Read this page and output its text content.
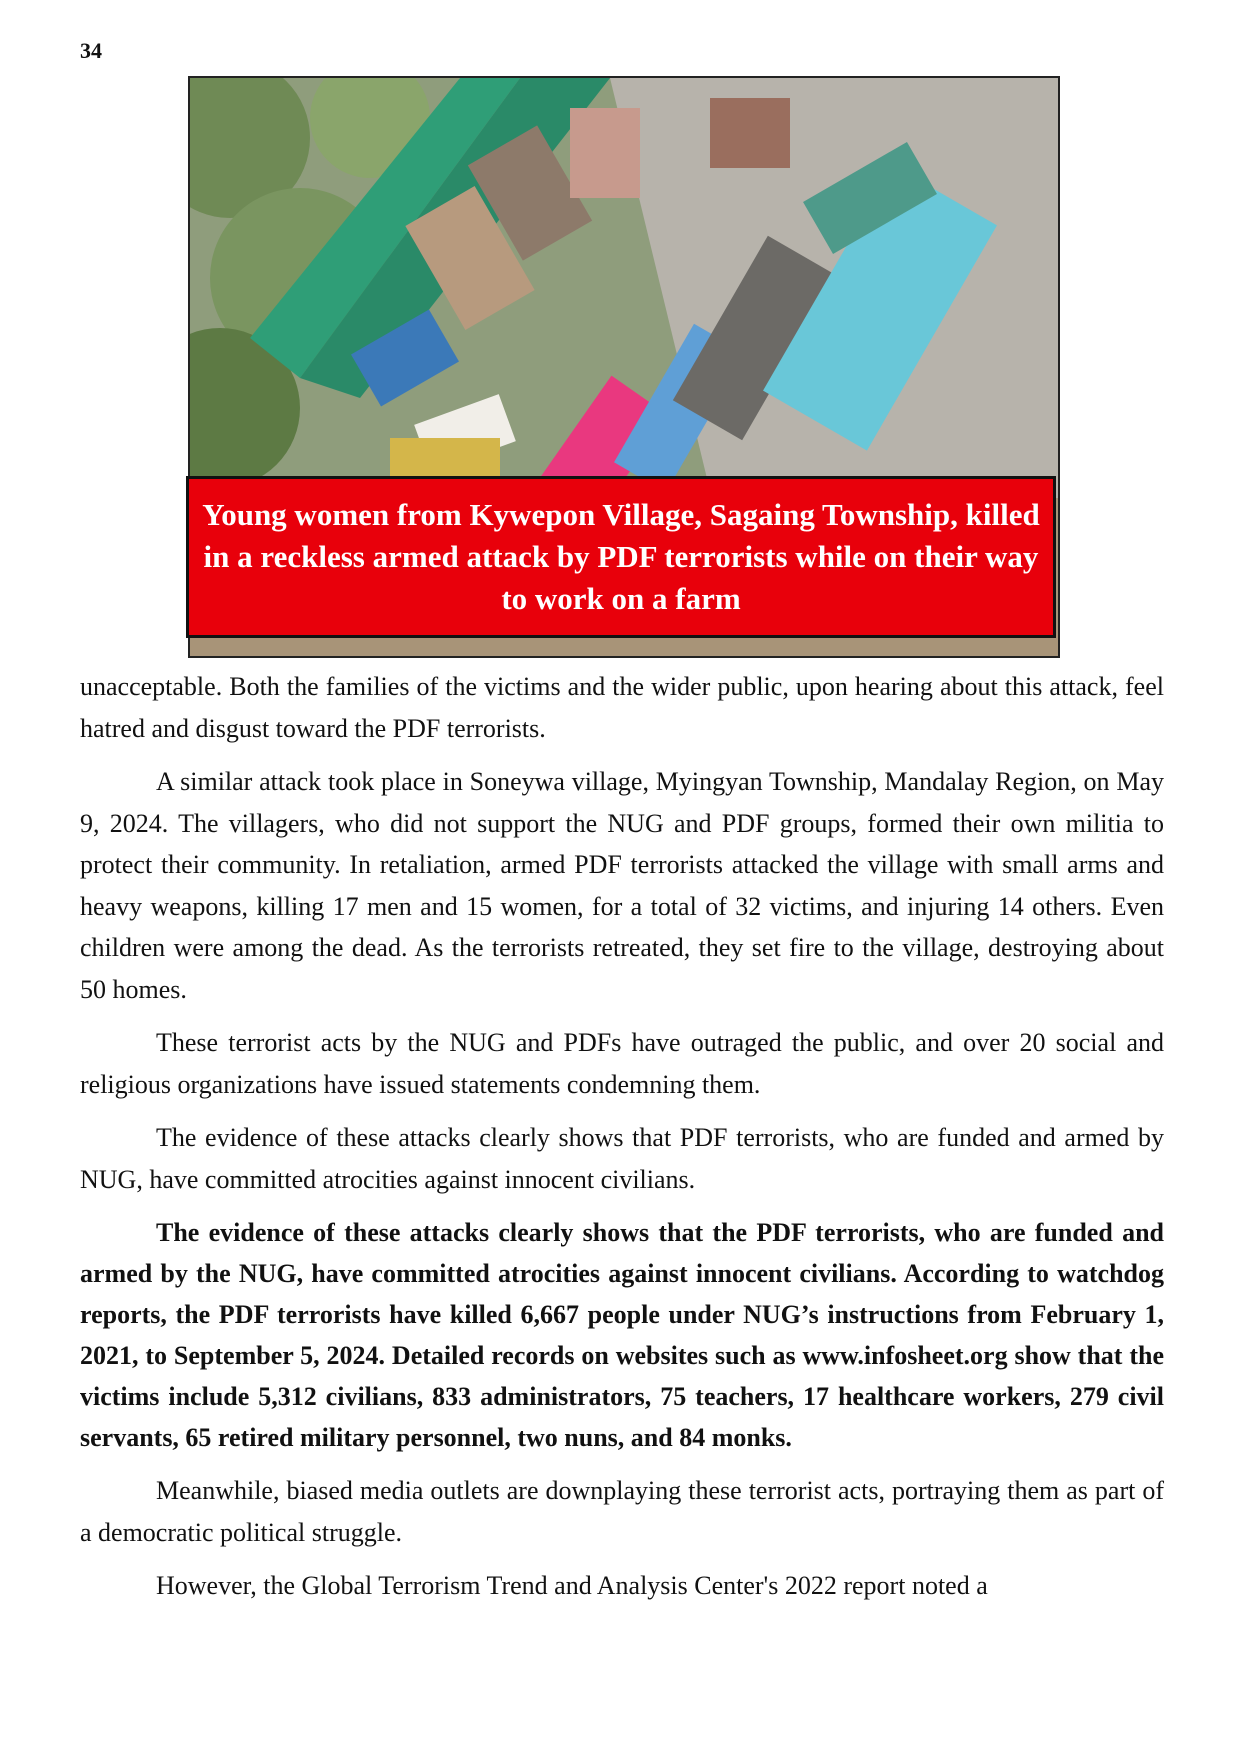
34
Young women from Kywepon Village, Sagaing Township, killed in a reckless armed attack by PDF terrorists while on their way to work on a farm

unacceptable. Both the families of the victims and the wider public, upon hearing about this attack, feel hatred and disgust toward the PDF terrorists.

A similar attack took place in Soneywa village, Myingyan Township, Mandalay Region, on May 9, 2024. The villagers, who did not support the NUG and PDF groups, formed their own militia to protect their community. In retaliation, armed PDF terrorists attacked the village with small arms and heavy weapons, killing 17 men and 15 women, for a total of 32 victims, and injuring 14 others. Even children were among the dead. As the terrorists retreated, they set fire to the village, destroying about 50 homes.

These terrorist acts by the NUG and PDFs have outraged the public, and over 20 social and religious organizations have issued statements condemning them.

The evidence of these attacks clearly shows that PDF terrorists, who are funded and armed by NUG, have committed atrocities against innocent civilians.

The evidence of these attacks clearly shows that the PDF terrorists, who are funded and armed by the NUG, have committed atrocities against innocent civilians. According to watchdog reports, the PDF terrorists have killed 6,667 people under NUG’s instructions from February 1, 2021, to September 5, 2024. Detailed records on websites such as www.infosheet.org show that the victims include 5,312 civilians, 833 administrators, 75 teachers, 17 healthcare workers, 279 civil servants, 65 retired military personnel, two nuns, and 84 monks.

Meanwhile, biased media outlets are downplaying these terrorist acts, portraying them as part of a democratic political struggle.

However, the Global Terrorism Trend and Analysis Center's 2022 report noted a
